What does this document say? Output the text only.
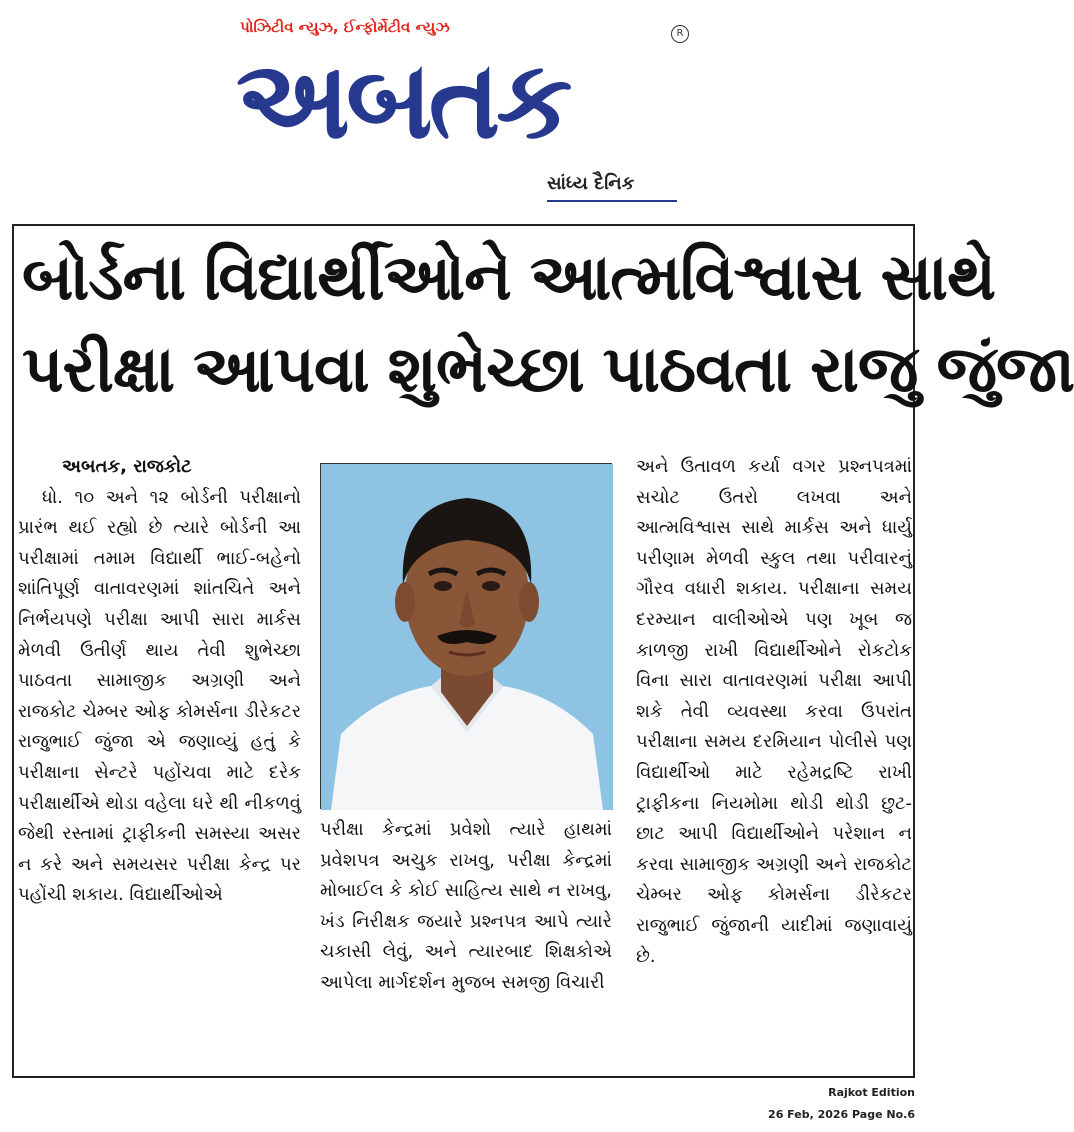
પોઝિટીવ ન્યુઝ, ઈન્ફોર્મેટીવ ન્યુઝ
અબતક
R
સાંધ્ય દૈનિક
બોર્ડના વિદ્યાર્થીઓને આત્મવિશ્વાસ સાથે
પરીક્ષા આપવા શુભેચ્છા પાઠવતા રાજુ જુંજા
અબતક, રાજકોટ
ધો. ૧૦ અને ૧૨ બોર્ડની પરીક્ષાનો પ્રારંભ થઈ રહ્યો છે ત્યારે બોર્ડની આ પરીક્ષામાં તમામ વિદ્યાર્થી ભાઈ-બહેનો શાંતિપૂર્ણ વાતાવરણમાં શાંતચિતે અને નિર્ભયપણે પરીક્ષા આપી સારા માર્કસ મેળવી ઉતીર્ણ થાય તેવી શુભેચ્છા પાઠવતા સામાજીક અગ્રણી અને રાજકોટ ચેમ્બર ઓફ કોમર્સના ડીરેકટર રાજુભાઈ જુંજા એ જણાવ્યું હતું કે પરીક્ષાના સેન્ટરે પહોંચવા માટે દરેક પરીક્ષાર્થીએ થોડા વહેલા ઘરે થી નીકળવું જેથી રસ્તામાં ટ્રાફીકની સમસ્યા અસર ન કરે અને સમયસર પરીક્ષા કેન્દ્ર પર પહોંચી શકાય. વિદ્યાર્થીઓએ
પરીક્ષા કેન્દ્રમાં પ્રવેશો ત્યારે હાથમાં પ્રવેશપત્ર અચુક રાખવુ, પરીક્ષા કેન્દ્રમાં મોબાઈલ કે કોઈ સાહિત્ય સાથે ન રાખવુ, ખંડ નિરીક્ષક જયારે પ્રશ્નપત્ર આપે ત્યારે ચકાસી લેવું, અને ત્યારબાદ શિક્ષકોએ આપેલા માર્ગદર્શન મુજબ સમજી વિચારી
અને ઉતાવળ કર્યા વગર પ્રશ્નપત્રમાં સચોટ ઉતરો લખવા અને આત્મવિશ્વાસ સાથે માર્કસ અને ધાર્યુ પરીણામ મેળવી સ્કુલ તથા પરીવારનું ગૌરવ વધારી શકાય. પરીક્ષાના સમય દરમ્યાન વાલીઓએ પણ ખૂબ જ કાળજી રાખી વિદ્યાર્થીઓને રોકટોક વિના સારા વાતાવરણમાં પરીક્ષા આપી શકે તેવી વ્યવસ્થા કરવા ઉપરાંત પરીક્ષાના સમય દરમિયાન પોલીસે પણ વિદ્યાર્થીઓ માટે રહેમદ્રષ્ટિ રાખી ટ્રાફીકના નિયમોમા થોડી થોડી છુટ-છાટ આપી વિદ્યાર્થીઓને પરેશાન ન કરવા સામાજીક અગ્રણી અને રાજકોટ ચેમ્બર ઓફ કોમર્સના ડીરેકટર રાજુભાઈ જુંજાની યાદીમાં જણાવાયું છે.
Rajkot Edition
26 Feb, 2026 Page No.6
